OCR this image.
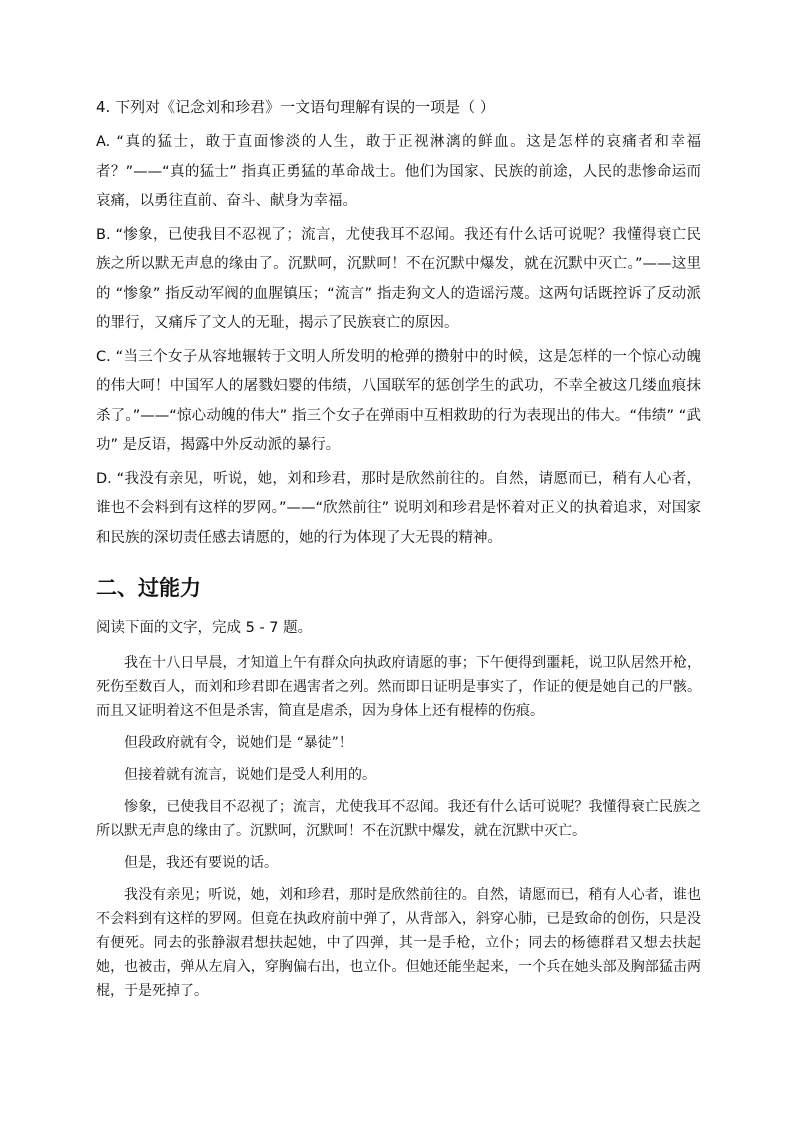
4. 下列对《记念刘和珍君》一文语句理解有误的一项是（ ）

A. “真的猛士，敢于直面惨淡的人生，敢于正视淋漓的鲜血。这是怎样的哀痛者和幸福者？”——“真的猛士” 指真正勇猛的革命战士。他们为国家、民族的前途，人民的悲惨命运而哀痛，以勇往直前、奋斗、献身为幸福。

B. “惨象，已使我目不忍视了；流言，尤使我耳不忍闻。我还有什么话可说呢？我懂得衰亡民族之所以默无声息的缘由了。沉默呵，沉默呵！不在沉默中爆发，就在沉默中灭亡。”——这里的 “惨象” 指反动军阀的血腥镇压；“流言” 指走狗文人的造谣污蔑。这两句话既控诉了反动派的罪行，又痛斥了文人的无耻，揭示了民族衰亡的原因。

C. “当三个女子从容地辗转于文明人所发明的枪弹的攒射中的时候，这是怎样的一个惊心动魄的伟大呵！中国军人的屠戮妇婴的伟绩，八国联军的惩创学生的武功，不幸全被这几缕血痕抹杀了。”——“惊心动魄的伟大” 指三个女子在弹雨中互相救助的行为表现出的伟大。“伟绩” “武功” 是反语，揭露中外反动派的暴行。

D. “我没有亲见，听说，她，刘和珍君，那时是欣然前往的。自然，请愿而已，稍有人心者，谁也不会料到有这样的罗网。”——“欣然前往” 说明刘和珍君是怀着对正义的执着追求，对国家和民族的深切责任感去请愿的，她的行为体现了大无畏的精神。

二、过能力

阅读下面的文字，完成 5 - 7 题。

我在十八日早晨，才知道上午有群众向执政府请愿的事；下午便得到噩耗，说卫队居然开枪，死伤至数百人，而刘和珍君即在遇害者之列。然而即日证明是事实了，作证的便是她自己的尸骸。而且又证明着这不但是杀害，简直是虐杀，因为身体上还有棍棒的伤痕。

但段政府就有令，说她们是 “暴徒”！

但接着就有流言，说她们是受人利用的。

惨象，已使我目不忍视了；流言，尤使我耳不忍闻。我还有什么话可说呢？我懂得衰亡民族之所以默无声息的缘由了。沉默呵，沉默呵！不在沉默中爆发，就在沉默中灭亡。

但是，我还有要说的话。

我没有亲见；听说，她，刘和珍君，那时是欣然前往的。自然，请愿而已，稍有人心者，谁也不会料到有这样的罗网。但竟在执政府前中弹了，从背部入，斜穿心肺，已是致命的创伤，只是没有便死。同去的张静淑君想扶起她，中了四弹，其一是手枪，立仆；同去的杨德群君又想去扶起她，也被击，弹从左肩入，穿胸偏右出，也立仆。但她还能坐起来，一个兵在她头部及胸部猛击两棍，于是死掉了。
